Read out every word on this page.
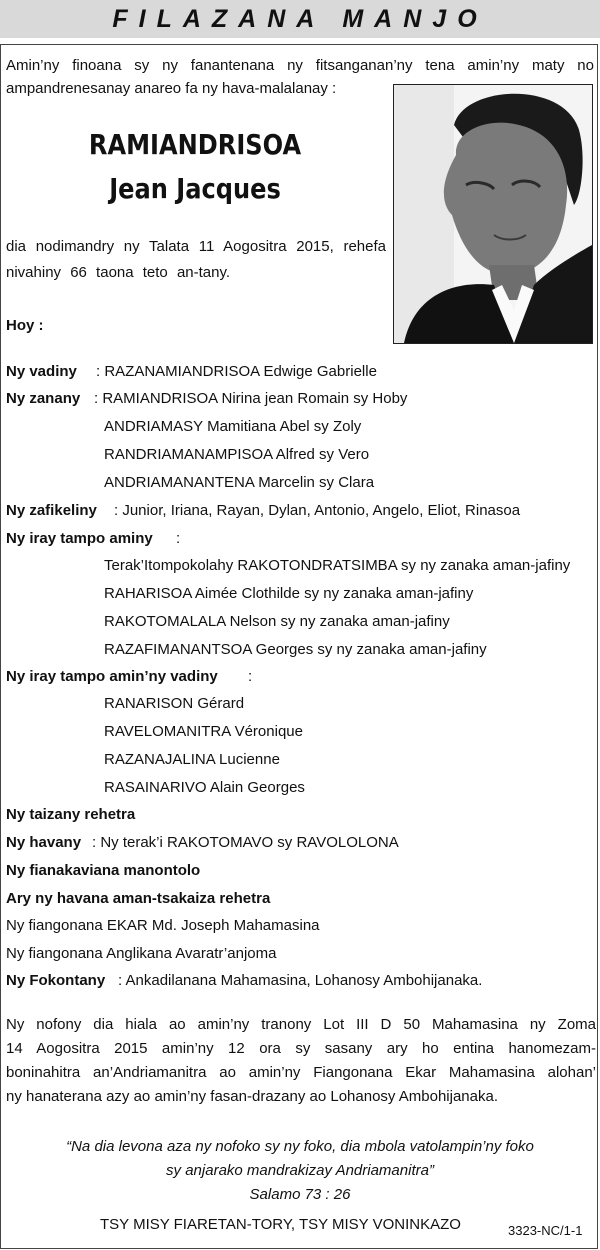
FILAZANA MANJO
Amin’ny finoana sy ny fanantenana ny fitsanganan’ny tena amin’ny maty no
ampandrenesanay anareo fa ny hava-malalanay :
RAMIANDRISOA
Jean Jacques
dia nodimandry ny Talata 11 Aogositra 2015, rehefa
nivahiny 66 taona teto an-tany.
Hoy :
Ny vadiny : RAZANAMIANDRISOA Edwige Gabrielle
Ny zanany : RAMIANDRISOA Nirina jean Romain sy Hoby
ANDRIAMASY Mamitiana Abel sy Zoly
RANDRIAMANAMPISOA Alfred sy Vero
ANDRIAMANANTENA Marcelin sy Clara
Ny zafikeliny : Junior, Iriana, Rayan, Dylan, Antonio, Angelo, Eliot, Rinasoa
Ny iray tampo aminy :
Terak’Itompokolahy RAKOTONDRATSIMBA sy ny zanaka aman-jafiny
RAHARISOA Aimée Clothilde sy ny zanaka aman-jafiny
RAKOTOMALALA Nelson sy ny zanaka aman-jafiny
RAZAFIMANANTSOA Georges sy ny zanaka aman-jafiny
Ny iray tampo amin’ny vadiny :
RANARISON Gérard
RAVELOMANITRA Véronique
RAZANAJALINA Lucienne
RASAINARIVO Alain Georges
Ny taizany rehetra
Ny havany : Ny terak’i RAKOTOMAVO sy RAVOLOLONA
Ny fianakaviana manontolo
Ary ny havana aman-tsakaiza rehetra
Ny fiangonana EKAR Md. Joseph Mahamasina
Ny fiangonana Anglikana Avaratr’anjoma
Ny Fokontany : Ankadilanana Mahamasina, Lohanosy Ambohijanaka.
Ny nofony dia hiala ao amin’ny tranony Lot III D 50 Mahamasina ny Zoma
14 Aogositra 2015 amin’ny 12 ora sy sasany ary ho entina hanomezam-
boninahitra an’Andriamanitra ao amin’ny Fiangonana Ekar Mahamasina alohan’
ny hanaterana azy ao amin’ny fasan-drazany ao Lohanosy Ambohijanaka.
“Na dia levona aza ny nofoko sy ny foko, dia mbola vatolampin’ny foko
sy anjarako mandrakizay Andriamanitra”
Salamo 73 : 26
TSY MISY FIARETAN-TORY, TSY MISY VONINKAZO	3323-NC/1-1
